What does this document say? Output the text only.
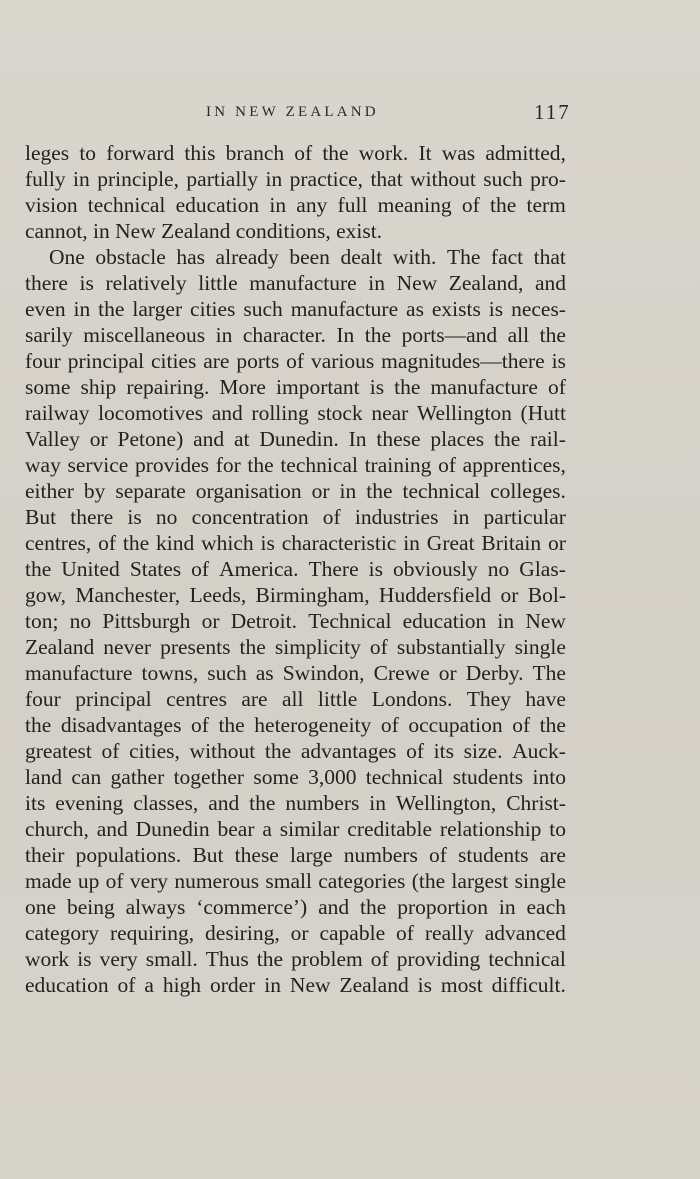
IN NEW ZEALAND	117
leges to forward this branch of the work. It was admitted,
fully in principle, partially in practice, that without such pro-
vision technical education in any full meaning of the term
cannot, in New Zealand conditions, exist.
One obstacle has already been dealt with. The fact that
there is relatively little manufacture in New Zealand, and
even in the larger cities such manufacture as exists is neces-
sarily miscellaneous in character. In the ports—and all the
four principal cities are ports of various magnitudes—there is
some ship repairing. More important is the manufacture of
railway locomotives and rolling stock near Wellington (Hutt
Valley or Petone) and at Dunedin. In these places the rail-
way service provides for the technical training of apprentices,
either by separate organisation or in the technical colleges.
But there is no concentration of industries in particular
centres, of the kind which is characteristic in Great Britain or
the United States of America. There is obviously no Glas-
gow, Manchester, Leeds, Birmingham, Huddersfield or Bol-
ton; no Pittsburgh or Detroit. Technical education in New
Zealand never presents the simplicity of substantially single
manufacture towns, such as Swindon, Crewe or Derby. The
four principal centres are all little Londons. They have
the disadvantages of the heterogeneity of occupation of the
greatest of cities, without the advantages of its size. Auck-
land can gather together some 3,000 technical students into
its evening classes, and the numbers in Wellington, Christ-
church, and Dunedin bear a similar creditable relationship to
their populations. But these large numbers of students are
made up of very numerous small categories (the largest single
one being always ‘commerce’) and the proportion in each
category requiring, desiring, or capable of really advanced
work is very small. Thus the problem of providing technical
education of a high order in New Zealand is most difficult.
